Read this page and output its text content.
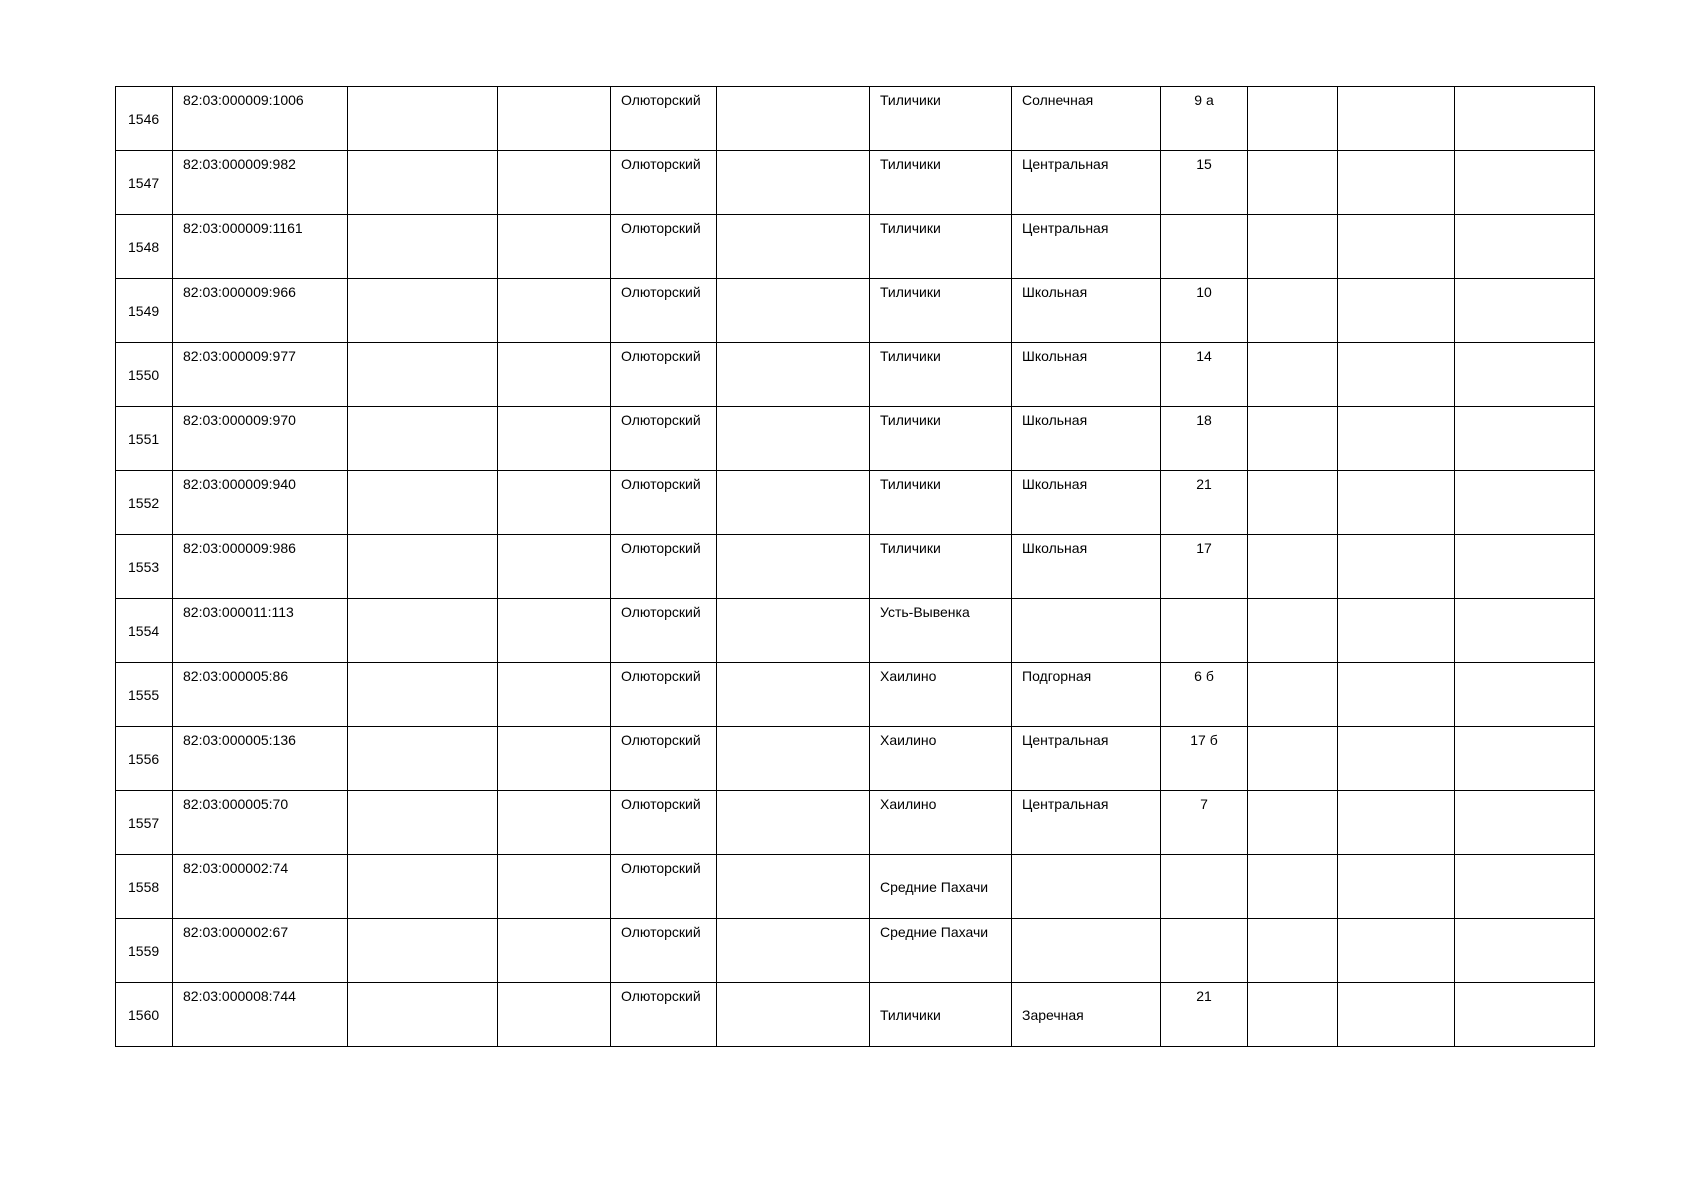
1546	82:03:000009:1006			Олюторский		Тиличики	Солнечная	9 а			
1547	82:03:000009:982			Олюторский		Тиличики	Центральная	15			
1548	82:03:000009:1161			Олюторский		Тиличики	Центральная				
1549	82:03:000009:966			Олюторский		Тиличики	Школьная	10			
1550	82:03:000009:977			Олюторский		Тиличики	Школьная	14			
1551	82:03:000009:970			Олюторский		Тиличики	Школьная	18			
1552	82:03:000009:940			Олюторский		Тиличики	Школьная	21			
1553	82:03:000009:986			Олюторский		Тиличики	Школьная	17			
1554	82:03:000011:113			Олюторский		Усть-Вывенка					
1555	82:03:000005:86			Олюторский		Хаилино	Подгорная	6 б			
1556	82:03:000005:136			Олюторский		Хаилино	Центральная	17 б			
1557	82:03:000005:70			Олюторский		Хаилино	Центральная	7			
1558	82:03:000002:74			Олюторский		Средние Пахачи					
1559	82:03:000002:67			Олюторский		Средние Пахачи					
1560	82:03:000008:744			Олюторский		Тиличики	Заречная	21			
